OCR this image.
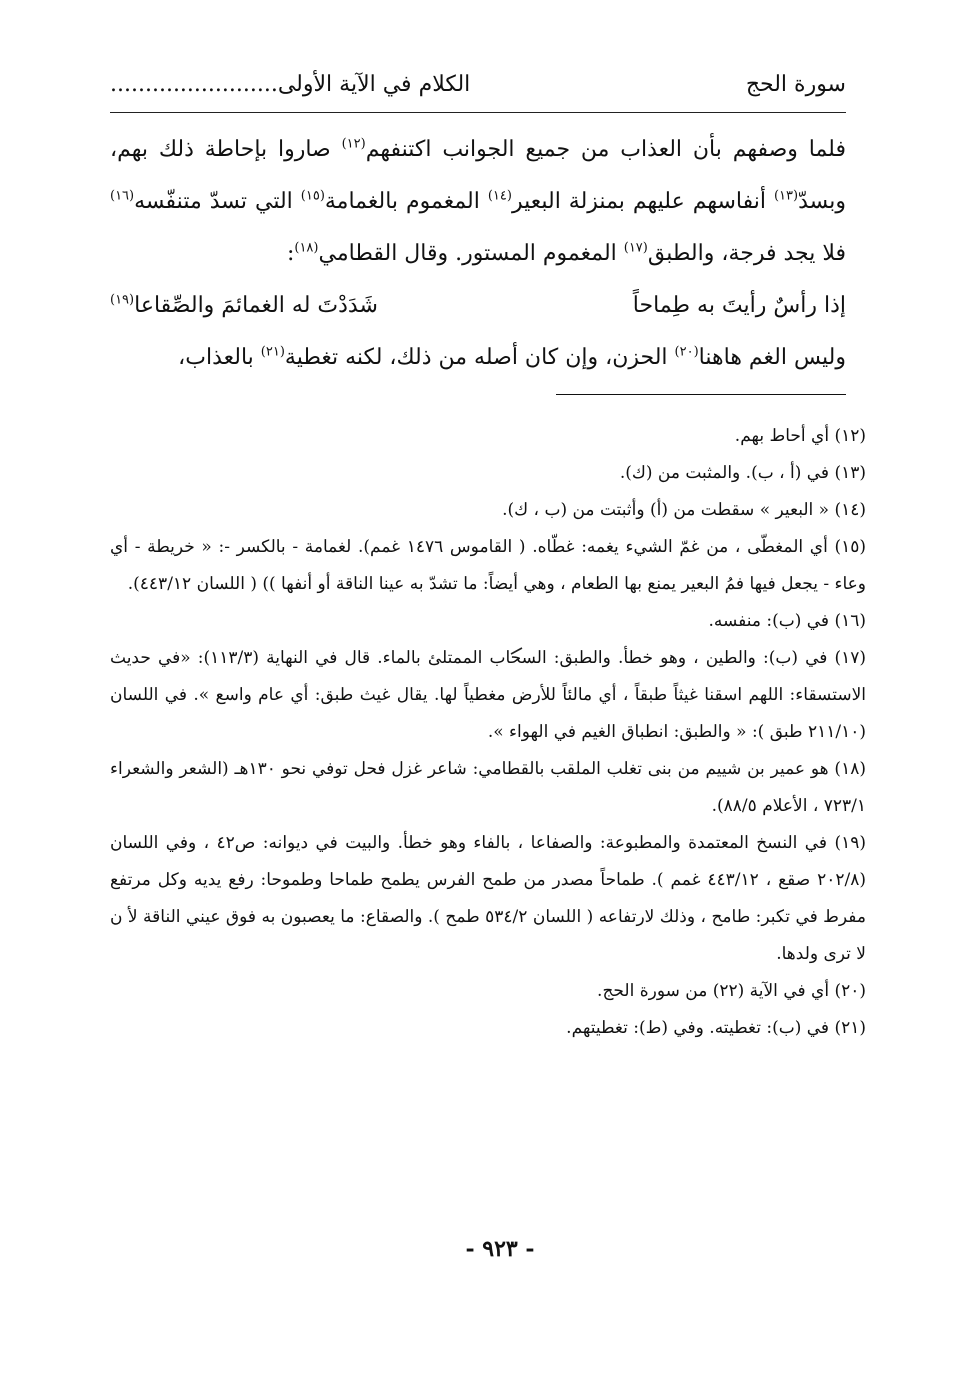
سورة الحج
الكلام في الآية الأولى........................

فلما وصفهم بأن العذاب من جميع الجوانب اكتنفهم$^{(١٢)}$ صاروا بإحاطة ذلك بهم، وبسدّ$^{(١٣)}$ أنفاسهم عليهم بمنزلة البعير$^{(١٤)}$ المغموم بالغمامة$^{(١٥)}$ التي تسدّ متنفّسه$^{(١٦)}$ فلا يجد فرجة، والطبق$^{(١٧)}$ المغموم المستور. وقال القطامي$^{(١٨)}$:

إذا رأسٌ رأيتَ به طِماحاً
شَدَدْتَ له الغمائمَ والصِّقاعا$^{(١٩)}$

وليس الغم هاهنا$^{(٢٠)}$ الحزن، وإن كان أصله من ذلك، لكنه تغطية$^{(٢١)}$ بالعذاب،

(١٢) أي أحاط بهم.

(١٣) في (أ ، ب). والمثبت من (ك).

(١٤) « البعير » سقطت من (أ) وأثبتت من (ب ، ك).

(١٥) أي المغطّى ، من غمّ الشيء يغمه: غطّاه. ( القاموس ١٤٧٦ غمم). لغمامة - بالكسر -: « خريطة - أي وعاء - يجعل فيها فمُ البعير يمنع بها الطعام ، وهي أيضاً: ما تشدّ به عينا الناقة أو أنفها )) ( اللسان ٤٤٣/١٢).

(١٦) في (ب): منفسه.

(١٧) في (ب): والطين ، وهو خطأ. والطبق: السحاب الممتلئ بالماء. قال في النهاية (١١٣/٣): «في حديث الاستسقاء: اللهم اسقنا غيثاً طبقاً ، أي مالئاً للأرض مغطياً لها. يقال غيث طبق: أي عام واسع ». في اللسان (٢١١/١٠ طبق ): « والطبق: انطباق الغيم في الهواء ».

(١٨) هو عمير بن شييم من بنى تغلب الملقب بالقطامي: شاعر غزل فحل توفي نحو ١٣٠هـ (الشعر والشعراء ٧٢٣/١ ، الأعلام ٨٨/٥).

(١٩) في النسخ المعتمدة والمطبوعة: والصفاعا ، بالفاء وهو خطأ. والبيت في ديوانه: ص٤٢ ، وفي اللسان (٢٠٢/٨ صقع ، ٤٤٣/١٢ غمم ). طماحاً مصدر من طمح الفرس يطمح طماحا وطموحا: رفع يديه وكل مرتفع مفرط في تكبر: طامح ، وذلك لارتفاعه ( اللسان ٥٣٤/٢ طمح ). والصقاع: ما يعصبون به فوق عيني الناقة لأ ن لا ترى ولدها.

(٢٠) أي في الآية (٢٢) من سورة الحج.

(٢١) في (ب): تغطيته. وفي (ط): تغطيتهم.

- ٩٢٣ -
